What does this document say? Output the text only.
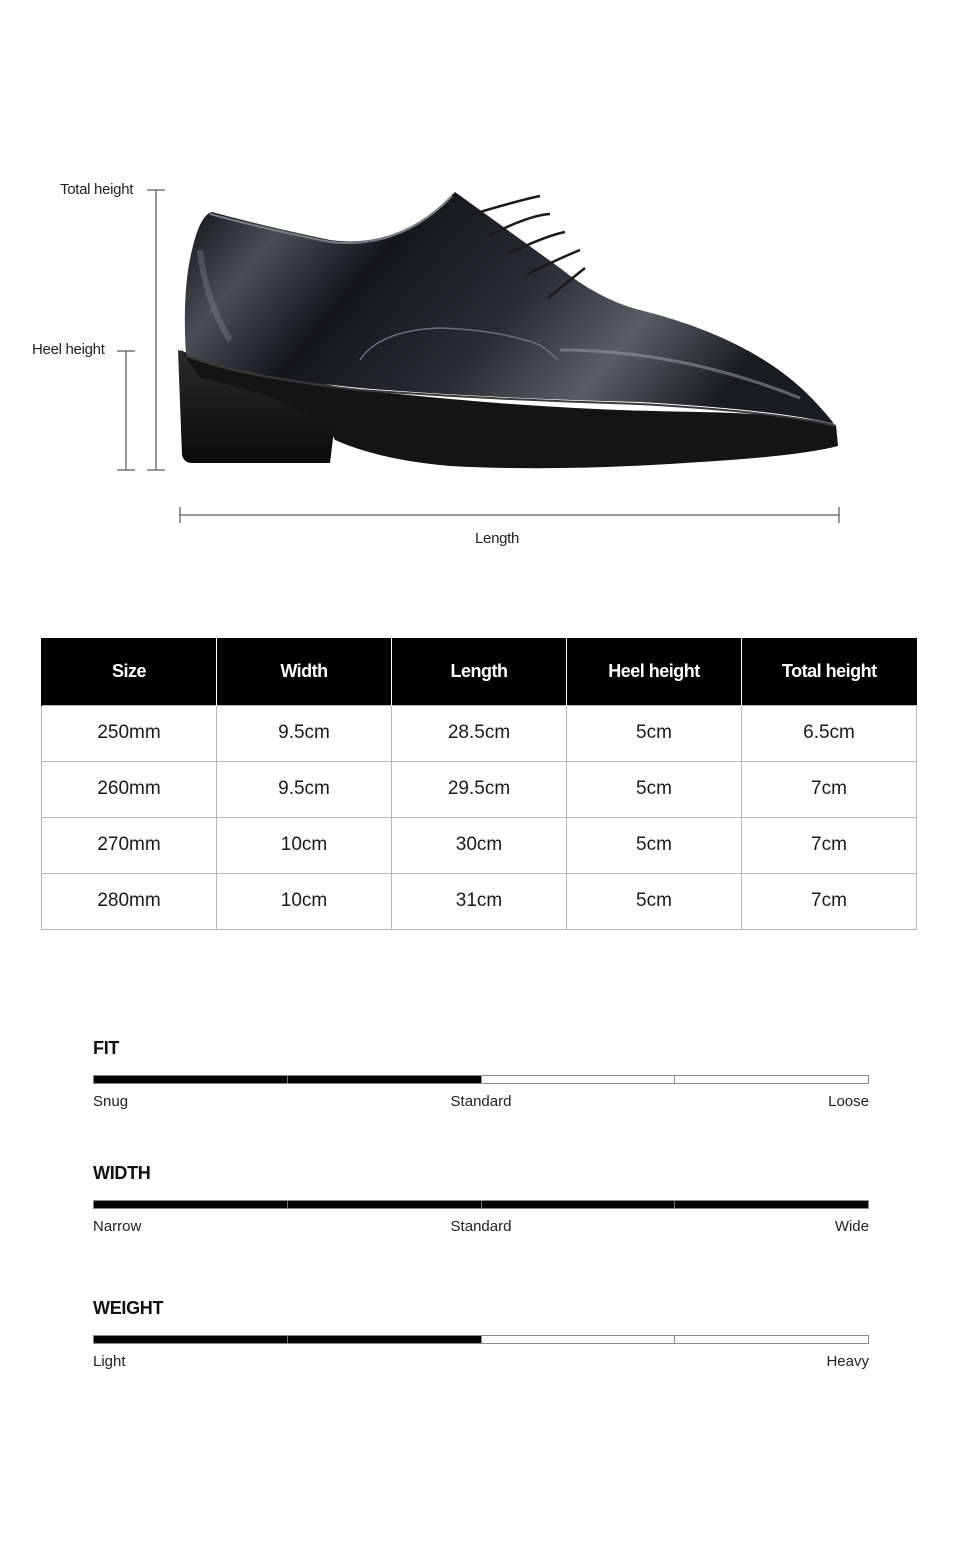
Total height
Heel height
Length
Size	Width	Length	Heel height	Total height
250mm	9.5cm	28.5cm	5cm	6.5cm
260mm	9.5cm	29.5cm	5cm	7cm
270mm	10cm	30cm	5cm	7cm
280mm	10cm	31cm	5cm	7cm
FIT
Snug	Standard	Loose
WIDTH
Narrow	Standard	Wide
WEIGHT
Light	Heavy
